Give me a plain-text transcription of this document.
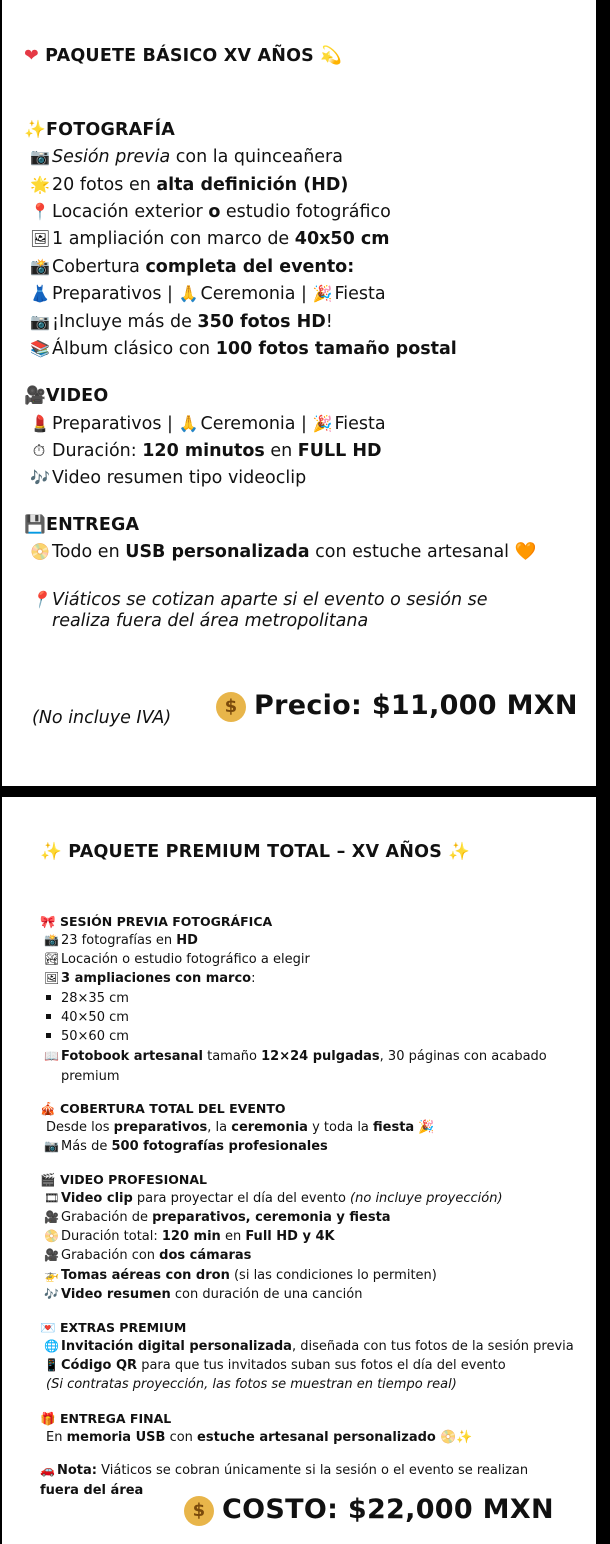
❤ PAQUETE BÁSICO XV AÑOS 💫
✨FOTOGRAFÍA
📷 Sesión previa con la quinceañera
🌟 20 fotos en alta definición (HD)
📍 Locación exterior o estudio fotográfico
🖼1 ampliación con marco de 40x50 cm
📸 Cobertura completa del evento:
👗 Preparativos | 🙏 Ceremonia | 🎉 Fiesta
📷 ¡Incluye más de 350 fotos HD!
📚 Álbum clásico con 100 fotos tamaño postal
🎥VIDEO
💄 Preparativos | 🙏 Ceremonia | 🎉 Fiesta
⏱ Duración: 120 minutos en FULL HD
🎶 Video resumen tipo videoclip
💾ENTREGA
📀 Todo en USB personalizada con estuche artesanal 🧡
📍 Viáticos se cotizan aparte si el evento o sesión se
realiza fuera del área metropolitana
(No incluye IVA)
$ Precio: $11,000 MXN
✨ PAQUETE PREMIUM TOTAL – XV AÑOS ✨
🎀 SESIÓN PREVIA FOTOGRÁFICA
📸 23 fotografías en HD
🏞 Locación o estudio fotográfico a elegir
🖼 3 ampliaciones con marco:
28×35 cm
40×50 cm
50×60 cm
📖 Fotobook artesanal tamaño 12×24 pulgadas, 30 páginas con acabado
premium
🎪 COBERTURA TOTAL DEL EVENTO
Desde los preparativos, la ceremonia y toda la fiesta 🎉
📷 Más de 500 fotografías profesionales
🎬 VIDEO PROFESIONAL
🎞 Video clip para proyectar el día del evento (no incluye proyección)
🎥 Grabación de preparativos, ceremonia y fiesta
📀 Duración total: 120 min en Full HD y 4K
🎥 Grabación con dos cámaras
🚁 Tomas aéreas con dron (si las condiciones lo permiten)
🎶 Video resumen con duración de una canción
💌 EXTRAS PREMIUM
🌐 Invitación digital personalizada, diseñada con tus fotos de la sesión previa
📱 Código QR para que tus invitados suban sus fotos el día del evento
(Si contratas proyección, las fotos se muestran en tiempo real)
🎁 ENTREGA FINAL
En memoria USB con estuche artesanal personalizado 📀✨
🚗 Nota: Viáticos se cobran únicamente si la sesión o el evento se realizan
fuera del área
$ COSTO: $22,000 MXN
